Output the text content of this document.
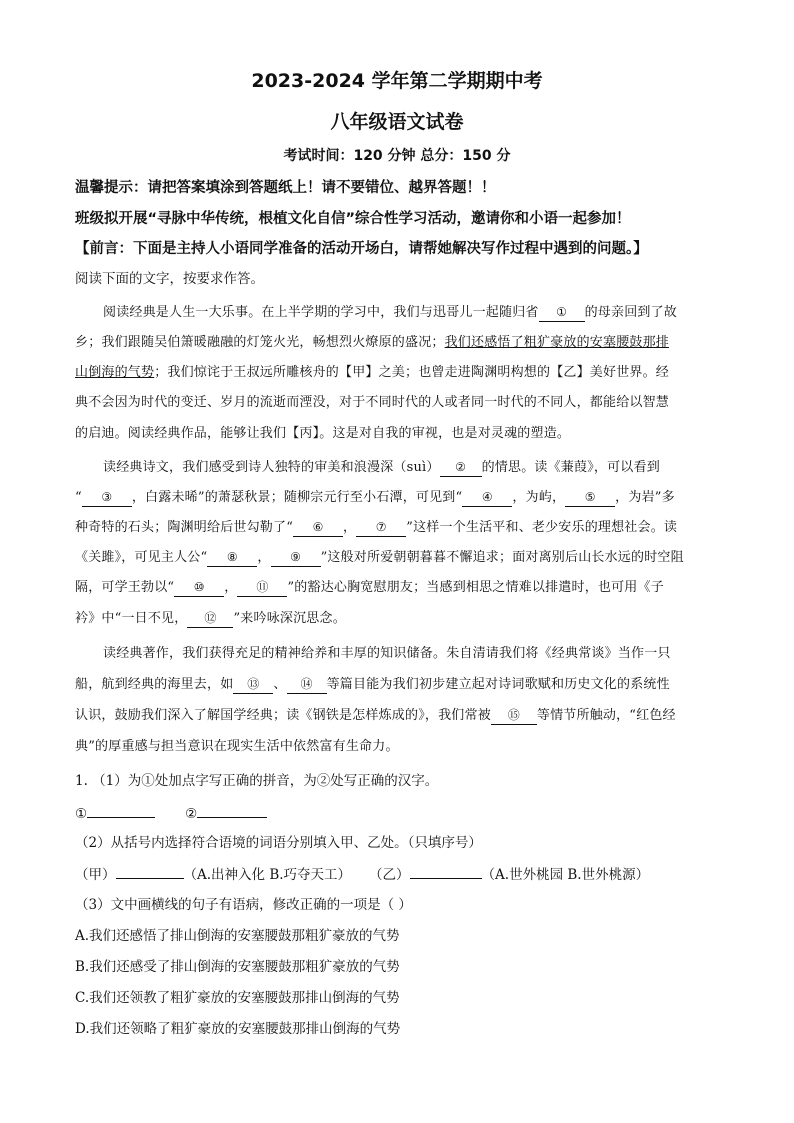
2023-2024 学年第二学期期中考
八年级语文试卷
考试时间：120 分钟 总分：150 分
温馨提示：请把答案填涂到答题纸上！请不要错位、越界答题！！
班级拟开展“寻脉中华传统，根植文化自信”综合性学习活动，邀请你和小语一起参加！
【前言：下面是主持人小语同学准备的活动开场白，请帮她解决写作过程中遇到的问题。】
阅读下面的文字，按要求作答。
阅读经典是人生一大乐事。在上半学期的学习中，我们与迅哥儿一起随归省 ① 的母亲回到了故
乡；我们跟随吴伯箫暖融融的灯笼火光，畅想烈火燎原的盛况；我们还感悟了粗犷豪放的安塞腰鼓那排
山倒海的气势；我们惊诧于王叔远所雕核舟的【甲】之美；也曾走进陶渊明构想的【乙】美好世界。经
典不会因为时代的变迁、岁月的流逝而湮没，对于不同时代的人或者同一时代的不同人，都能给以智慧
的启迪。阅读经典作品，能够让我们【丙】。这是对自我的审视，也是对灵魂的塑造。
读经典诗文，我们感受到诗人独特的审美和浪漫深（suì） ② 的情思。读《蒹葭》，可以看到
“ ③ ，白露未晞”的萧瑟秋景；随柳宗元行至小石潭，可见到“ ④ ，为屿， ⑤ ，为岩”多
种奇特的石头；陶渊明给后世勾勒了“ ⑥ ， ⑦ ”这样一个生活平和、老少安乐的理想社会。读
《关雎》，可见主人公“ ⑧ ， ⑨ ”这般对所爱朝朝暮暮不懈追求；面对离别后山长水远的时空阻
隔，可学王勃以“ ⑩ ， ⑪ ”的豁达心胸宽慰朋友；当感到相思之情难以排遣时，也可用《子
衿》中“一日不见， ⑫ ”来吟咏深沉思念。
读经典著作，我们获得充足的精神给养和丰厚的知识储备。朱自清请我们将《经典常谈》当作一只
船，航到经典的海里去，如 ⑬ 、 ⑭ 等篇目能为我们初步建立起对诗词歌赋和历史文化的系统性
认识，鼓励我们深入了解国学经典；读《钢铁是怎样炼成的》，我们常被 ⑮ 等情节所触动，“红色经
典”的厚重感与担当意识在现实生活中依然富有生命力。
1. （1）为①处加点字写正确的拼音，为②处写正确的汉字。
①	②
（2）从括号内选择符合语境的词语分别填入甲、乙处。（只填序号）
（甲）	（A.出神入化 B.巧夺天工） （乙）	（A.世外桃园 B.世外桃源）
（3）文中画横线的句子有语病，修改正确的一项是（ ）
A.我们还感悟了排山倒海的安塞腰鼓那粗犷豪放的气势
B.我们还感受了排山倒海的安塞腰鼓那粗犷豪放的气势
C.我们还领教了粗犷豪放的安塞腰鼓那排山倒海的气势
D.我们还领略了粗犷豪放的安塞腰鼓那排山倒海的气势
